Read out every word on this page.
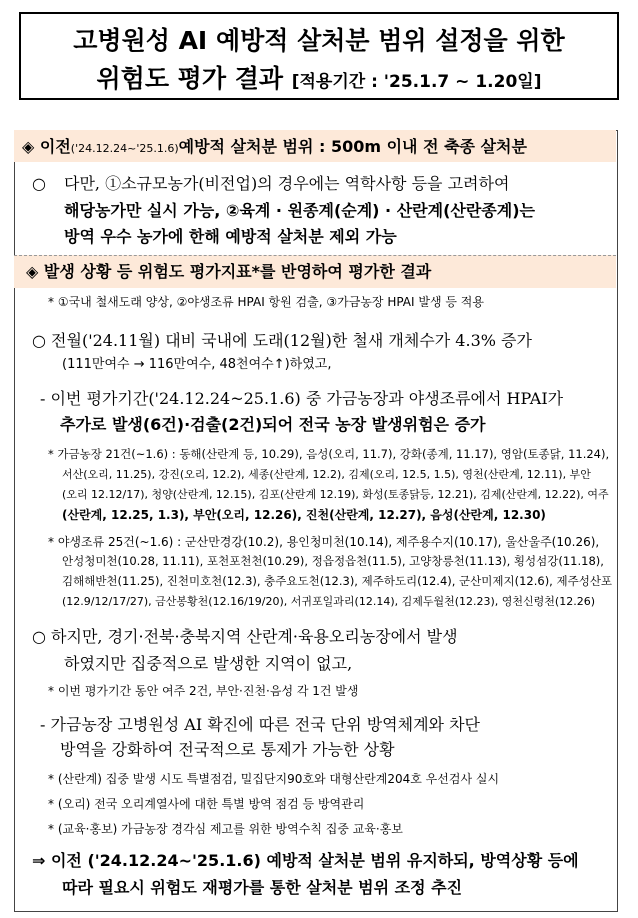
고병원성 AI 예방적 살처분 범위 설정을 위한
위험도 평가 결과 [적용기간 : '25.1.7 ~ 1.20일]
◈ 이전('24.12.24~'25.1.6)예방적 살처분 범위 : 500m 이내 전 축종 살처분
○ 다만, ①소규모농가(비전업)의 경우에는 역학사항 등을 고려하여
해당농가만 실시 가능, ②육계 · 원종계(순계) · 산란계(산란종계)는
방역 우수 농가에 한해 예방적 살처분 제외 가능
◈ 발생 상황 등 위험도 평가지표*를 반영하여 평가한 결과
* ①국내 철새도래 양상, ②야생조류 HPAI 항원 검출, ③가금농장 HPAI 발생 등 적용
○ 전월('24.11월) 대비 국내에 도래(12월)한 철새 개체수가 4.3% 증가
(111만여수 → 116만여수, 48천여수↑)하였고,
- 이번 평가기간('24.12.24~25.1.6) 중 가금농장과 야생조류에서 HPAI가
추가로 발생(6건)·검출(2건)되어 전국 농장 발생위험은 증가
* 가금농장 21건(~1.6) : 동해(산란계 등, 10.29), 음성(오리, 11.7), 강화(종계, 11.17), 영암(토종닭, 11.24),
서산(오리, 11.25), 강진(오리, 12.2), 세종(산란계, 12.2), 김제(오리, 12.5, 1.5), 영천(산란계, 12.11), 부안
(오리 12.12/17), 청양(산란계, 12.15), 김포(산란계 12.19), 화성(토종닭등, 12.21), 김제(산란계, 12.22), 여주
(산란계, 12.25, 1.3), 부안(오리, 12.26), 진천(산란계, 12.27), 음성(산란계, 12.30)
* 야생조류 25건(~1.6) : 군산만경강(10.2), 용인청미천(10.14), 제주용수지(10.17), 울산울주(10.26),
안성청미천(10.28, 11.11), 포천포천천(10.29), 정읍정읍천(11.5), 고양창릉천(11.13), 횡성섬강(11.18),
김해해반천(11.25), 진천미호천(12.3), 충주요도천(12.3), 제주하도리(12.4), 군산미제지(12.6), 제주성산포
(12.9/12/17/27), 금산봉황천(12.16/19/20), 서귀포일과리(12.14), 김제두월천(12.23), 영천신령천(12.26)
○ 하지만, 경기·전북·충북지역 산란계·육용오리농장에서 발생
하였지만 집중적으로 발생한 지역이 없고,
* 이번 평가기간 동안 여주 2건, 부안·진천·음성 각 1건 발생
- 가금농장 고병원성 AI 확진에 따른 전국 단위 방역체계와 차단
방역을 강화하여 전국적으로 통제가 가능한 상황
* (산란계) 집중 발생 시도 특별점검, 밀집단지90호와 대형산란계204호 우선검사 실시
* (오리) 전국 오리계열사에 대한 특별 방역 점검 등 방역관리
* (교육·홍보) 가금농장 경각심 제고를 위한 방역수칙 집중 교육·홍보
⇒ 이전 ('24.12.24~'25.1.6) 예방적 살처분 범위 유지하되, 방역상황 등에
따라 필요시 위험도 재평가를 통한 살처분 범위 조정 추진
